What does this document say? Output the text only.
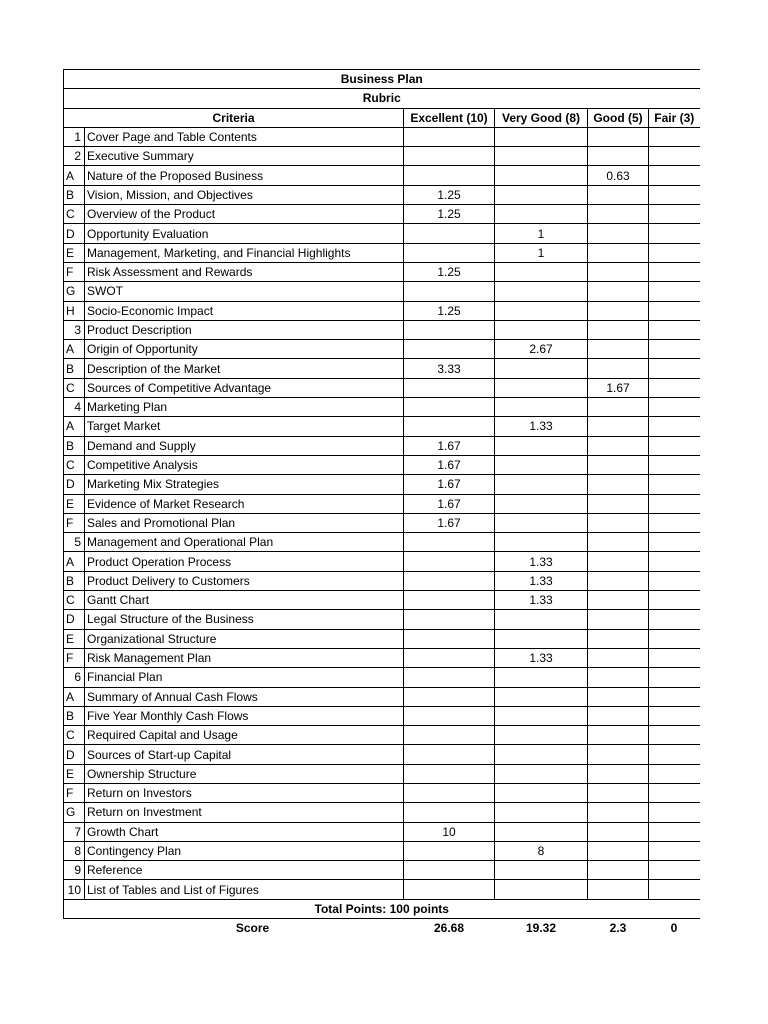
Business Plan					
Rubric					
Criteria		Excellent (10)	Very Good (8)	Good (5)	Fair (3)
1	Cover Page and Table Contents				
2	Executive Summary				
A	Nature of the Proposed Business			0.63	
B	Vision, Mission, and Objectives	1.25			
C	Overview of the Product	1.25			
D	Opportunity Evaluation		1		
E	Management, Marketing, and Financial Highlights		1		
F	Risk Assessment and Rewards	1.25			
G	SWOT				
H	Socio-Economic Impact	1.25			
3	Product Description				
A	Origin of Opportunity		2.67		
B	Description of the Market	3.33			
C	Sources of Competitive Advantage			1.67	
4	Marketing Plan				
A	Target Market		1.33		
B	Demand and Supply	1.67			
C	Competitive Analysis	1.67			
D	Marketing Mix Strategies	1.67			
E	Evidence of Market Research	1.67			
F	Sales and Promotional Plan	1.67			
5	Management and Operational Plan				
A	Product Operation Process		1.33		
B	Product Delivery to Customers		1.33		
C	Gantt Chart		1.33		
D	Legal Structure of the Business				
E	Organizational Structure				
F	Risk Management Plan		1.33		
6	Financial Plan				
A	Summary of Annual Cash Flows				
B	Five Year Monthly Cash Flows				
C	Required Capital and Usage				
D	Sources of Start-up Capital				
E	Ownership Structure				
F	Return on Investors				
G	Return on Investment				
7	Growth Chart	10			
8	Contingency Plan		8		
9	Reference				
10	List of Tables and List of Figures				
Total Points: 100 points					
Score		26.68	19.32	2.3	0
